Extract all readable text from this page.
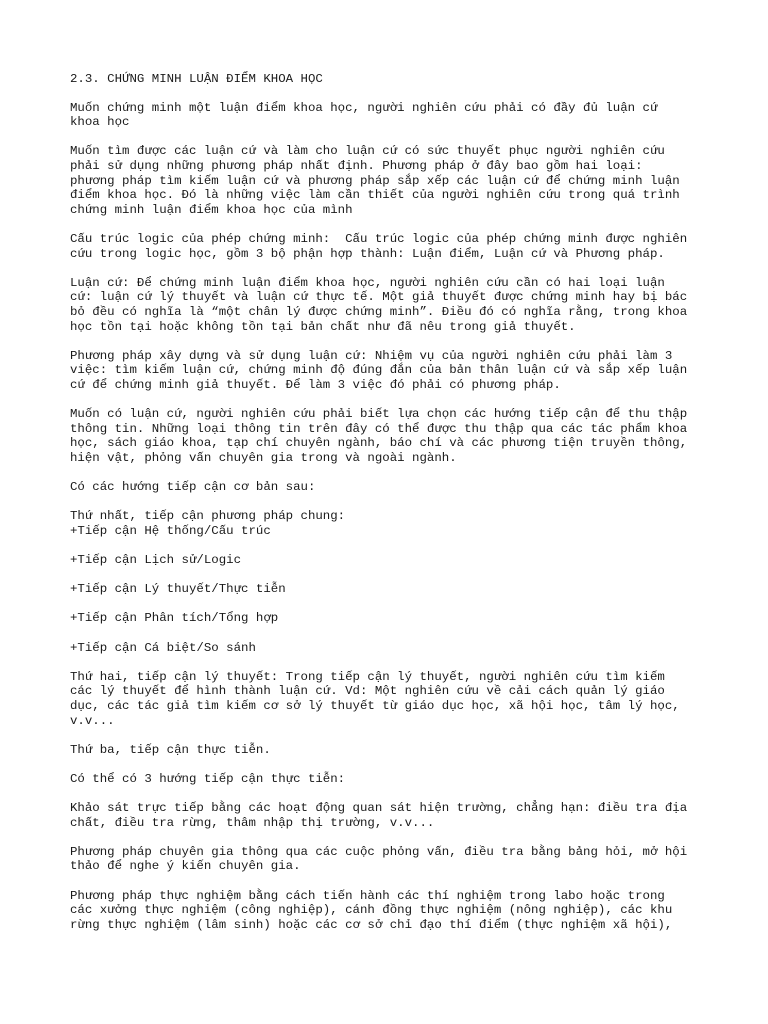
2.3. CHỨNG MINH LUẬN ĐIỂM KHOA HỌC
Muốn chứng minh một luận điểm khoa học, người nghiên cứu phải có đầy đủ luận cứ
khoa học
Muốn tìm được các luận cứ và làm cho luận cứ có sức thuyết phục người nghiên cứu
phải sử dụng những phương pháp nhất định. Phương pháp ở đây bao gồm hai loại:
phương pháp tìm kiếm luận cứ và phương pháp sắp xếp các luận cứ để chứng minh luận
điểm khoa học. Đó là những việc làm cần thiết của người nghiên cứu trong quá trình
chứng minh luận điểm khoa học của mình
Cấu trúc logic của phép chứng minh:  Cấu trúc logic của phép chứng minh được nghiên
cứu trong logic học, gồm 3 bộ phận hợp thành: Luận điểm, Luận cứ và Phương pháp.
Luận cứ: Để chứng minh luận điểm khoa học, người nghiên cứu cần có hai loại luận
cứ: luận cứ lý thuyết và luận cứ thực tế. Một giả thuyết được chứng minh hay bị bác
bỏ đều có nghĩa là “một chân lý được chứng minh”. Điều đó có nghĩa rằng, trong khoa
học tồn tại hoặc không tồn tại bản chất như đã nêu trong giả thuyết.
Phương pháp xây dựng và sử dụng luận cứ: Nhiệm vụ của người nghiên cứu phải làm 3
việc: tìm kiếm luận cứ, chứng minh độ đúng đắn của bản thân luận cứ và sắp xếp luận
cứ để chứng minh giả thuyết. Để làm 3 việc đó phải có phương pháp.
Muốn có luận cứ, người nghiên cứu phải biết lựa chọn các hướng tiếp cận để thu thập
thông tin. Những loại thông tin trên đây có thể được thu thập qua các tác phẩm khoa
học, sách giáo khoa, tạp chí chuyên ngành, báo chí và các phương tiện truyền thông,
hiện vật, phỏng vấn chuyên gia trong và ngoài ngành.
Có các hướng tiếp cận cơ bản sau:
Thứ nhất, tiếp cận phương pháp chung:
+Tiếp cận Hệ thống/Cấu trúc
+Tiếp cận Lịch sử/Logic
+Tiếp cận Lý thuyết/Thực tiễn
+Tiếp cận Phân tích/Tổng hợp
+Tiếp cận Cá biệt/So sánh
Thứ hai, tiếp cận lý thuyết: Trong tiếp cận lý thuyết, người nghiên cứu tìm kiếm
các lý thuyết để hình thành luận cứ. Vd: Một nghiên cứu về cải cách quản lý giáo
dục, các tác giả tìm kiếm cơ sở lý thuyết từ giáo dục học, xã hội học, tâm lý học,
v.v...
Thứ ba, tiếp cận thực tiễn.
Có thể có 3 hướng tiếp cận thực tiễn:
Khảo sát trực tiếp bằng các hoạt động quan sát hiện trường, chẳng hạn: điều tra địa
chất, điều tra rừng, thâm nhập thị trường, v.v...
Phương pháp chuyên gia thông qua các cuộc phỏng vấn, điều tra bằng bảng hỏi, mở hội
thảo để nghe ý kiến chuyên gia.
Phương pháp thực nghiệm bằng cách tiến hành các thí nghiệm trong labo hoặc trong
các xưởng thực nghiệm (công nghiệp), cánh đồng thực nghiệm (nông nghiệp), các khu
rừng thực nghiệm (lâm sinh) hoặc các cơ sở chỉ đạo thí điểm (thực nghiệm xã hội),
